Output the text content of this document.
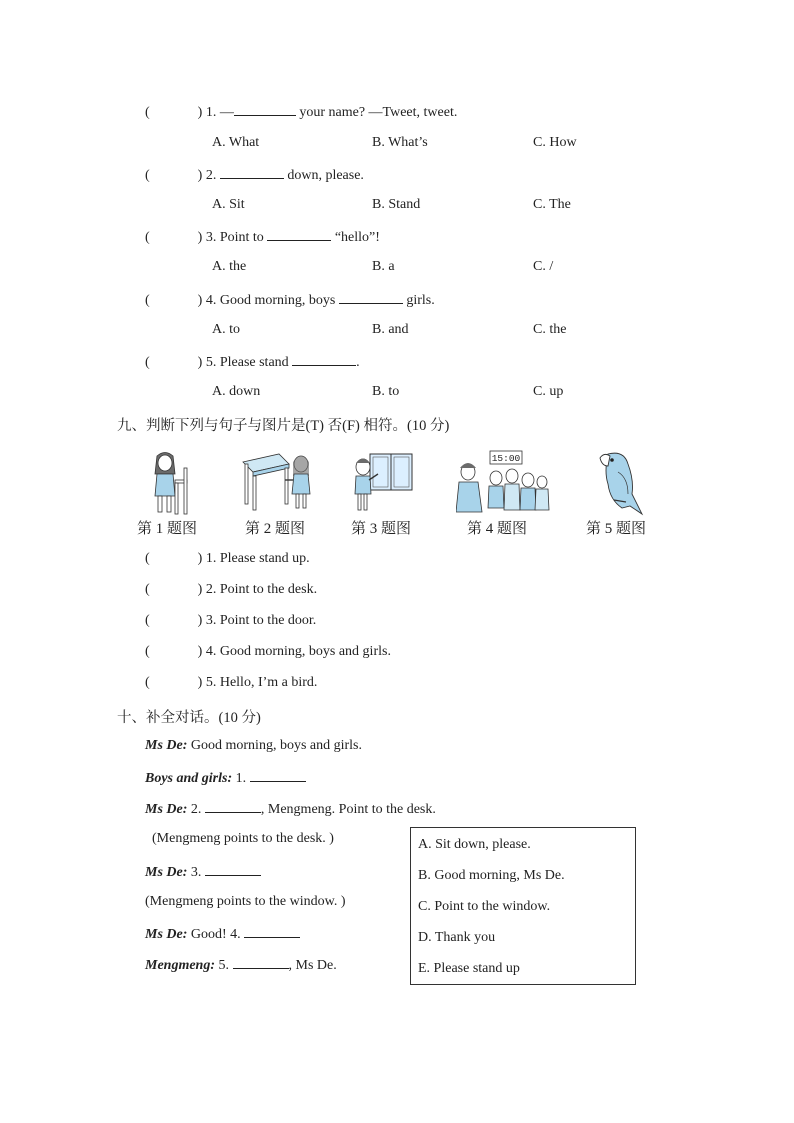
(	) 1. —	your name? —Tweet, tweet.
A. What	B. What’s	C. How
(	) 2.	down, please.
A. Sit	B. Stand	C. The
(	) 3. Point to	“hello”!
A. the	B. a	C. /
(	) 4. Good morning, boys	girls.
A. to	B. and	C. the
(	) 5. Please stand	.
A. down	B. to	C. up
九、判断下列与句子与图片是(T) 否(F) 相符。(10 分)
15:00
第 1 题图	第 2 题图	第 3 题图	第 4 题图	第 5 题图
(	) 1. Please stand up.
(	) 2. Point to the desk.
(	) 3. Point to the door.
(	) 4. Good morning, boys and girls.
(	) 5. Hello, I’m a bird.
十、补全对话。(10 分)
Ms De: Good morning, boys and girls.
Boys and girls: 1.
Ms De: 2.	, Mengmeng. Point to the desk.
(Mengmeng points to the desk. )
Ms De: 3.
(Mengmeng points to the window. )
Ms De: Good! 4.
Mengmeng: 5.	, Ms De.
A. Sit down, please.
B. Good morning, Ms De.
C. Point to the window.
D. Thank you
E. Please stand up
